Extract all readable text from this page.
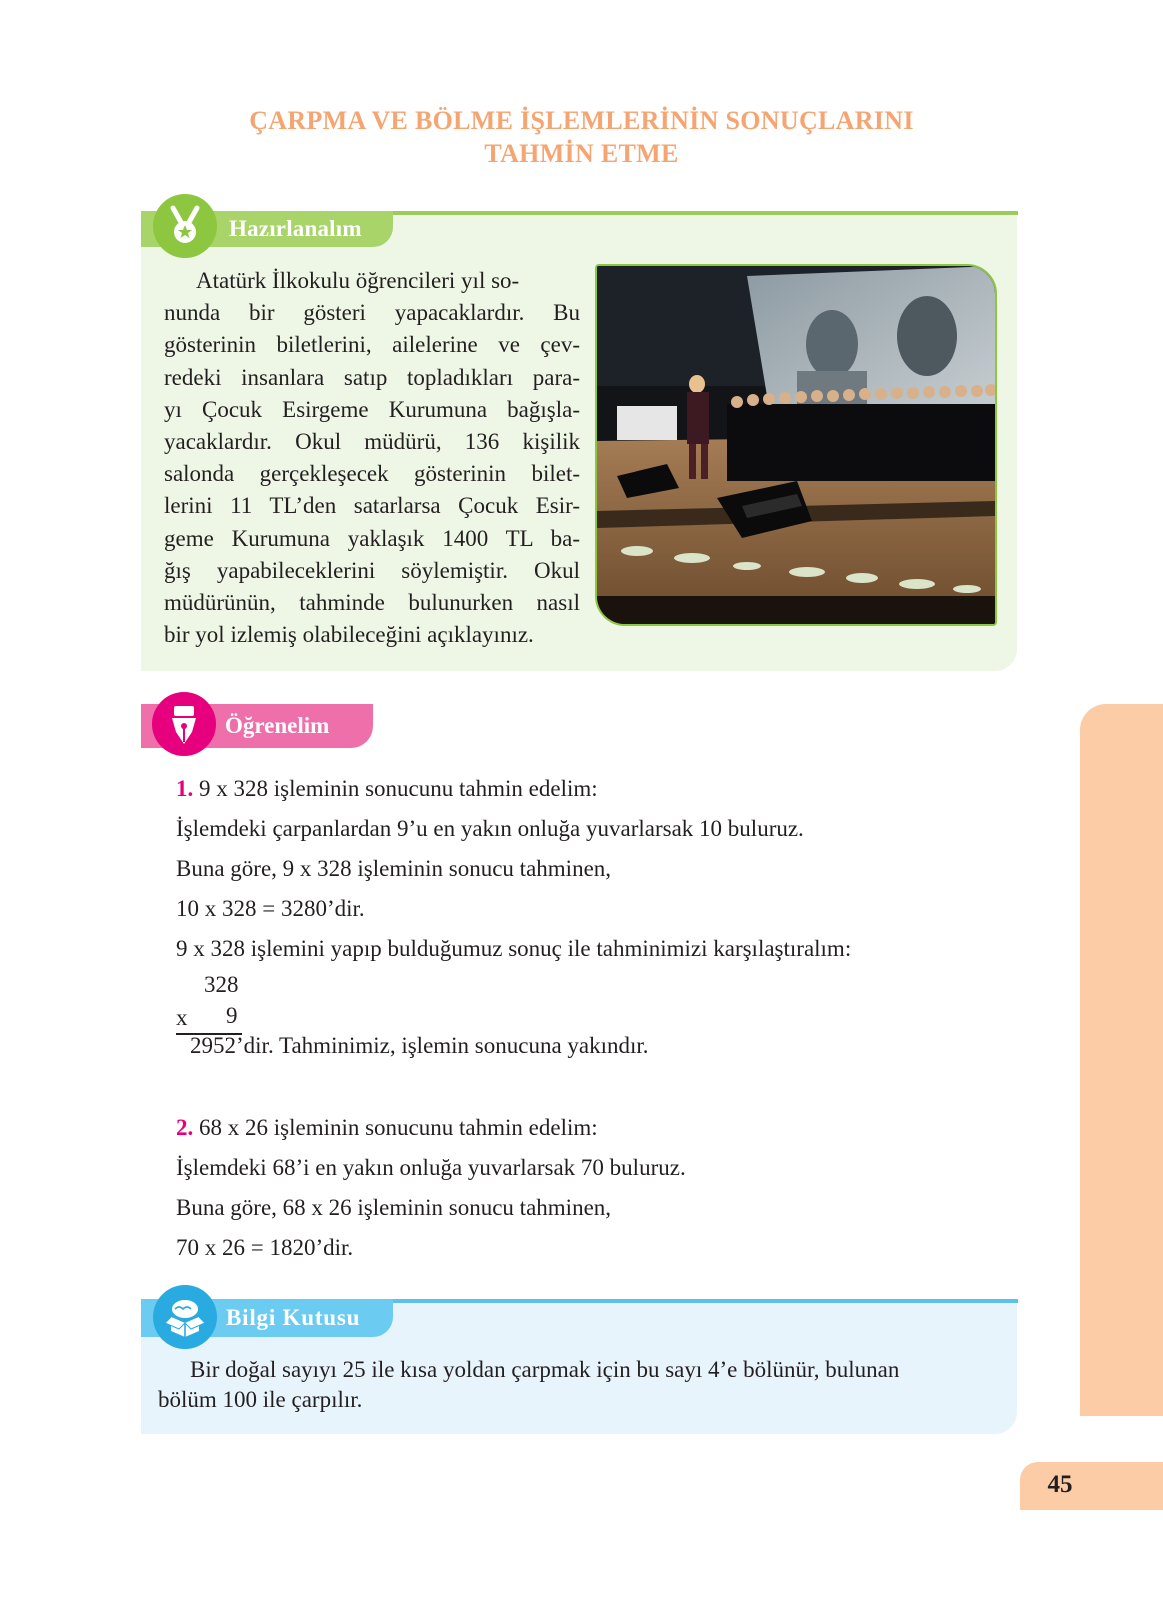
ÇARPMA VE BÖLME İŞLEMLERİNİN SONUÇLARINI
TAHMİN ETME
Hazırlanalım
Atatürk İlkokulu öğrencileri yıl so-
nunda bir gösteri yapacaklardır. Bu
gösterinin biletlerini, ailelerine ve çev-
redeki insanlara satıp topladıkları para-
yı Çocuk Esirgeme Kurumuna bağışla-
yacaklardır. Okul müdürü, 136 kişilik
salonda gerçekleşecek gösterinin bilet-
lerini 11 TL’den satarlarsa Çocuk Esir-
geme Kurumuna yaklaşık 1400 TL ba-
ğış yapabileceklerini söylemiştir. Okul
müdürünün, tahminde bulunurken nasıl
bir yol izlemiş olabileceğini açıklayınız.
Öğrenelim
1. 9 x 328 işleminin sonucunu tahmin edelim:
İşlemdeki çarpanlardan 9’u en yakın onluğa yuvarlarsak 10 buluruz.
Buna göre, 9 x 328 işleminin sonucu tahminen,
10 x 328 = 3280’dir.
9 x 328 işlemini yapıp bulduğumuz sonuç ile tahminimizi karşılaştıralım:
328
x 9
2952’dir. Tahminimiz, işlemin sonucuna yakındır.
2. 68 x 26 işleminin sonucunu tahmin edelim:
İşlemdeki 68’i en yakın onluğa yuvarlarsak 70 buluruz.
Buna göre, 68 x 26 işleminin sonucu tahminen,
70 x 26 = 1820’dir.
Bilgi Kutusu
Bir doğal sayıyı 25 ile kısa yoldan çarpmak için bu sayı 4’e bölünür, bulunan
bölüm 100 ile çarpılır.
45
